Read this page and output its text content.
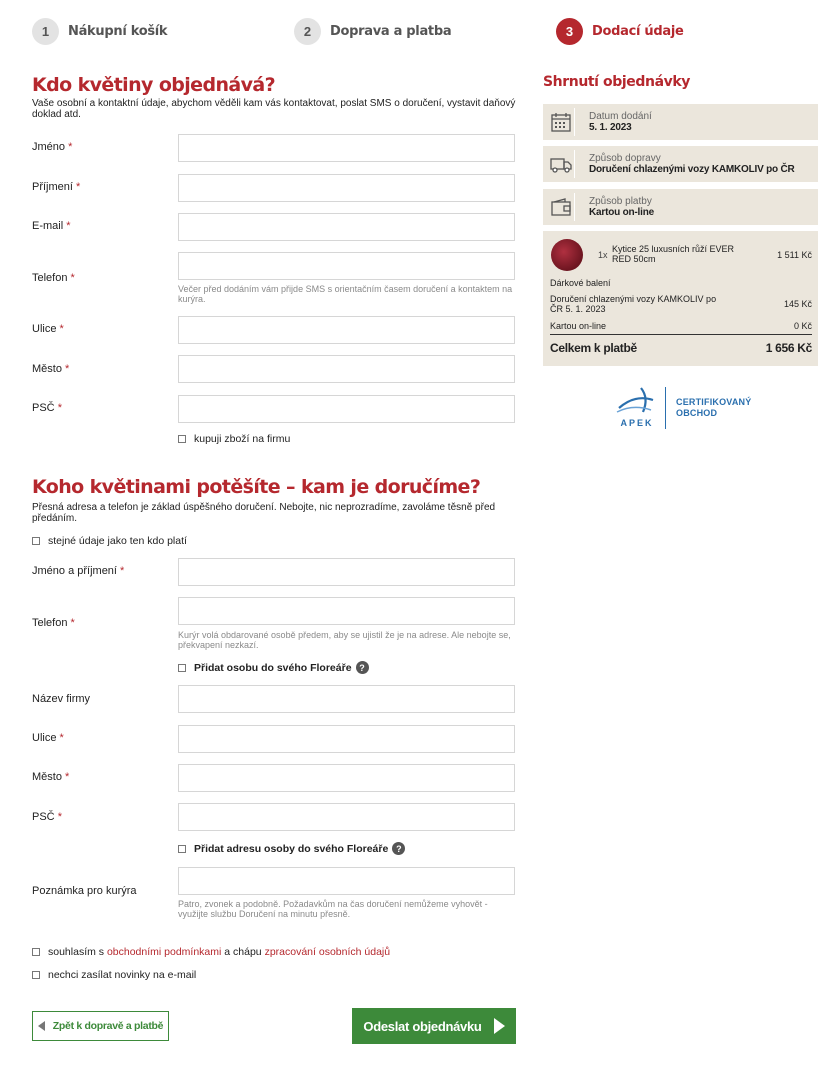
1	Nákupní košík	2	Doprava a platba	3	Dodací údaje
Kdo květiny objednává?

Vaše osobní a kontaktní údaje, abychom věděli kam vás kontaktovat, poslat SMS o doručení, vystavit daňový doklad atd.

Jméno *
Příjmení *
E-mail *
Telefon *
Večer před dodáním vám přijde SMS s orientačním časem doručení a kontaktem na kurýra.
Ulice *
Město *
PSČ *
kupuji zboží na firmu
Koho květinami potěšíte – kam je doručíme?

Přesná adresa a telefon je základ úspěšného doručení. Nebojte, nic neprozradíme, zavoláme těsně před předáním.

stejné údaje jako ten kdo platí
Jméno a příjmení *
Telefon *
Kurýr volá obdarované osobě předem, aby se ujistil že je na adrese. Ale nebojte se, překvapení nezkazí.
Přidat osobu do svého Floreáře ?
Název firmy
Ulice *
Město *
PSČ *
Přidat adresu osoby do svého Floreáře ?
Poznámka pro kurýra
Patro, zvonek a podobně. Požadavkům na čas doručení nemůžeme vyhovět - využijte službu Doručení na minutu přesně.
souhlasím s
obchodními podmínkami
a chápu
zpracování osobních údajů
nechci zasílat novinky na e-mail
Zpět k dopravě a platbě	Odeslat objednávku
Shrnutí objednávky
Datum dodání
5. 1. 2023
Způsob dopravy
Doručení chlazenými vozy KAMKOLIV po ČR
Způsob platby
Kartou on-line
1x
Kytice 25 luxusních růží EVER RED 50cm	1 511 Kč
Dárkové balení
Doručení chlazenými vozy KAMKOLIV po ČR 5. 1. 2023	145 Kč
Kartou on-line	0 Kč
Celkem k platbě	1 656 Kč
APEK
CERTIFIKOVANÝ
OBCHOD
